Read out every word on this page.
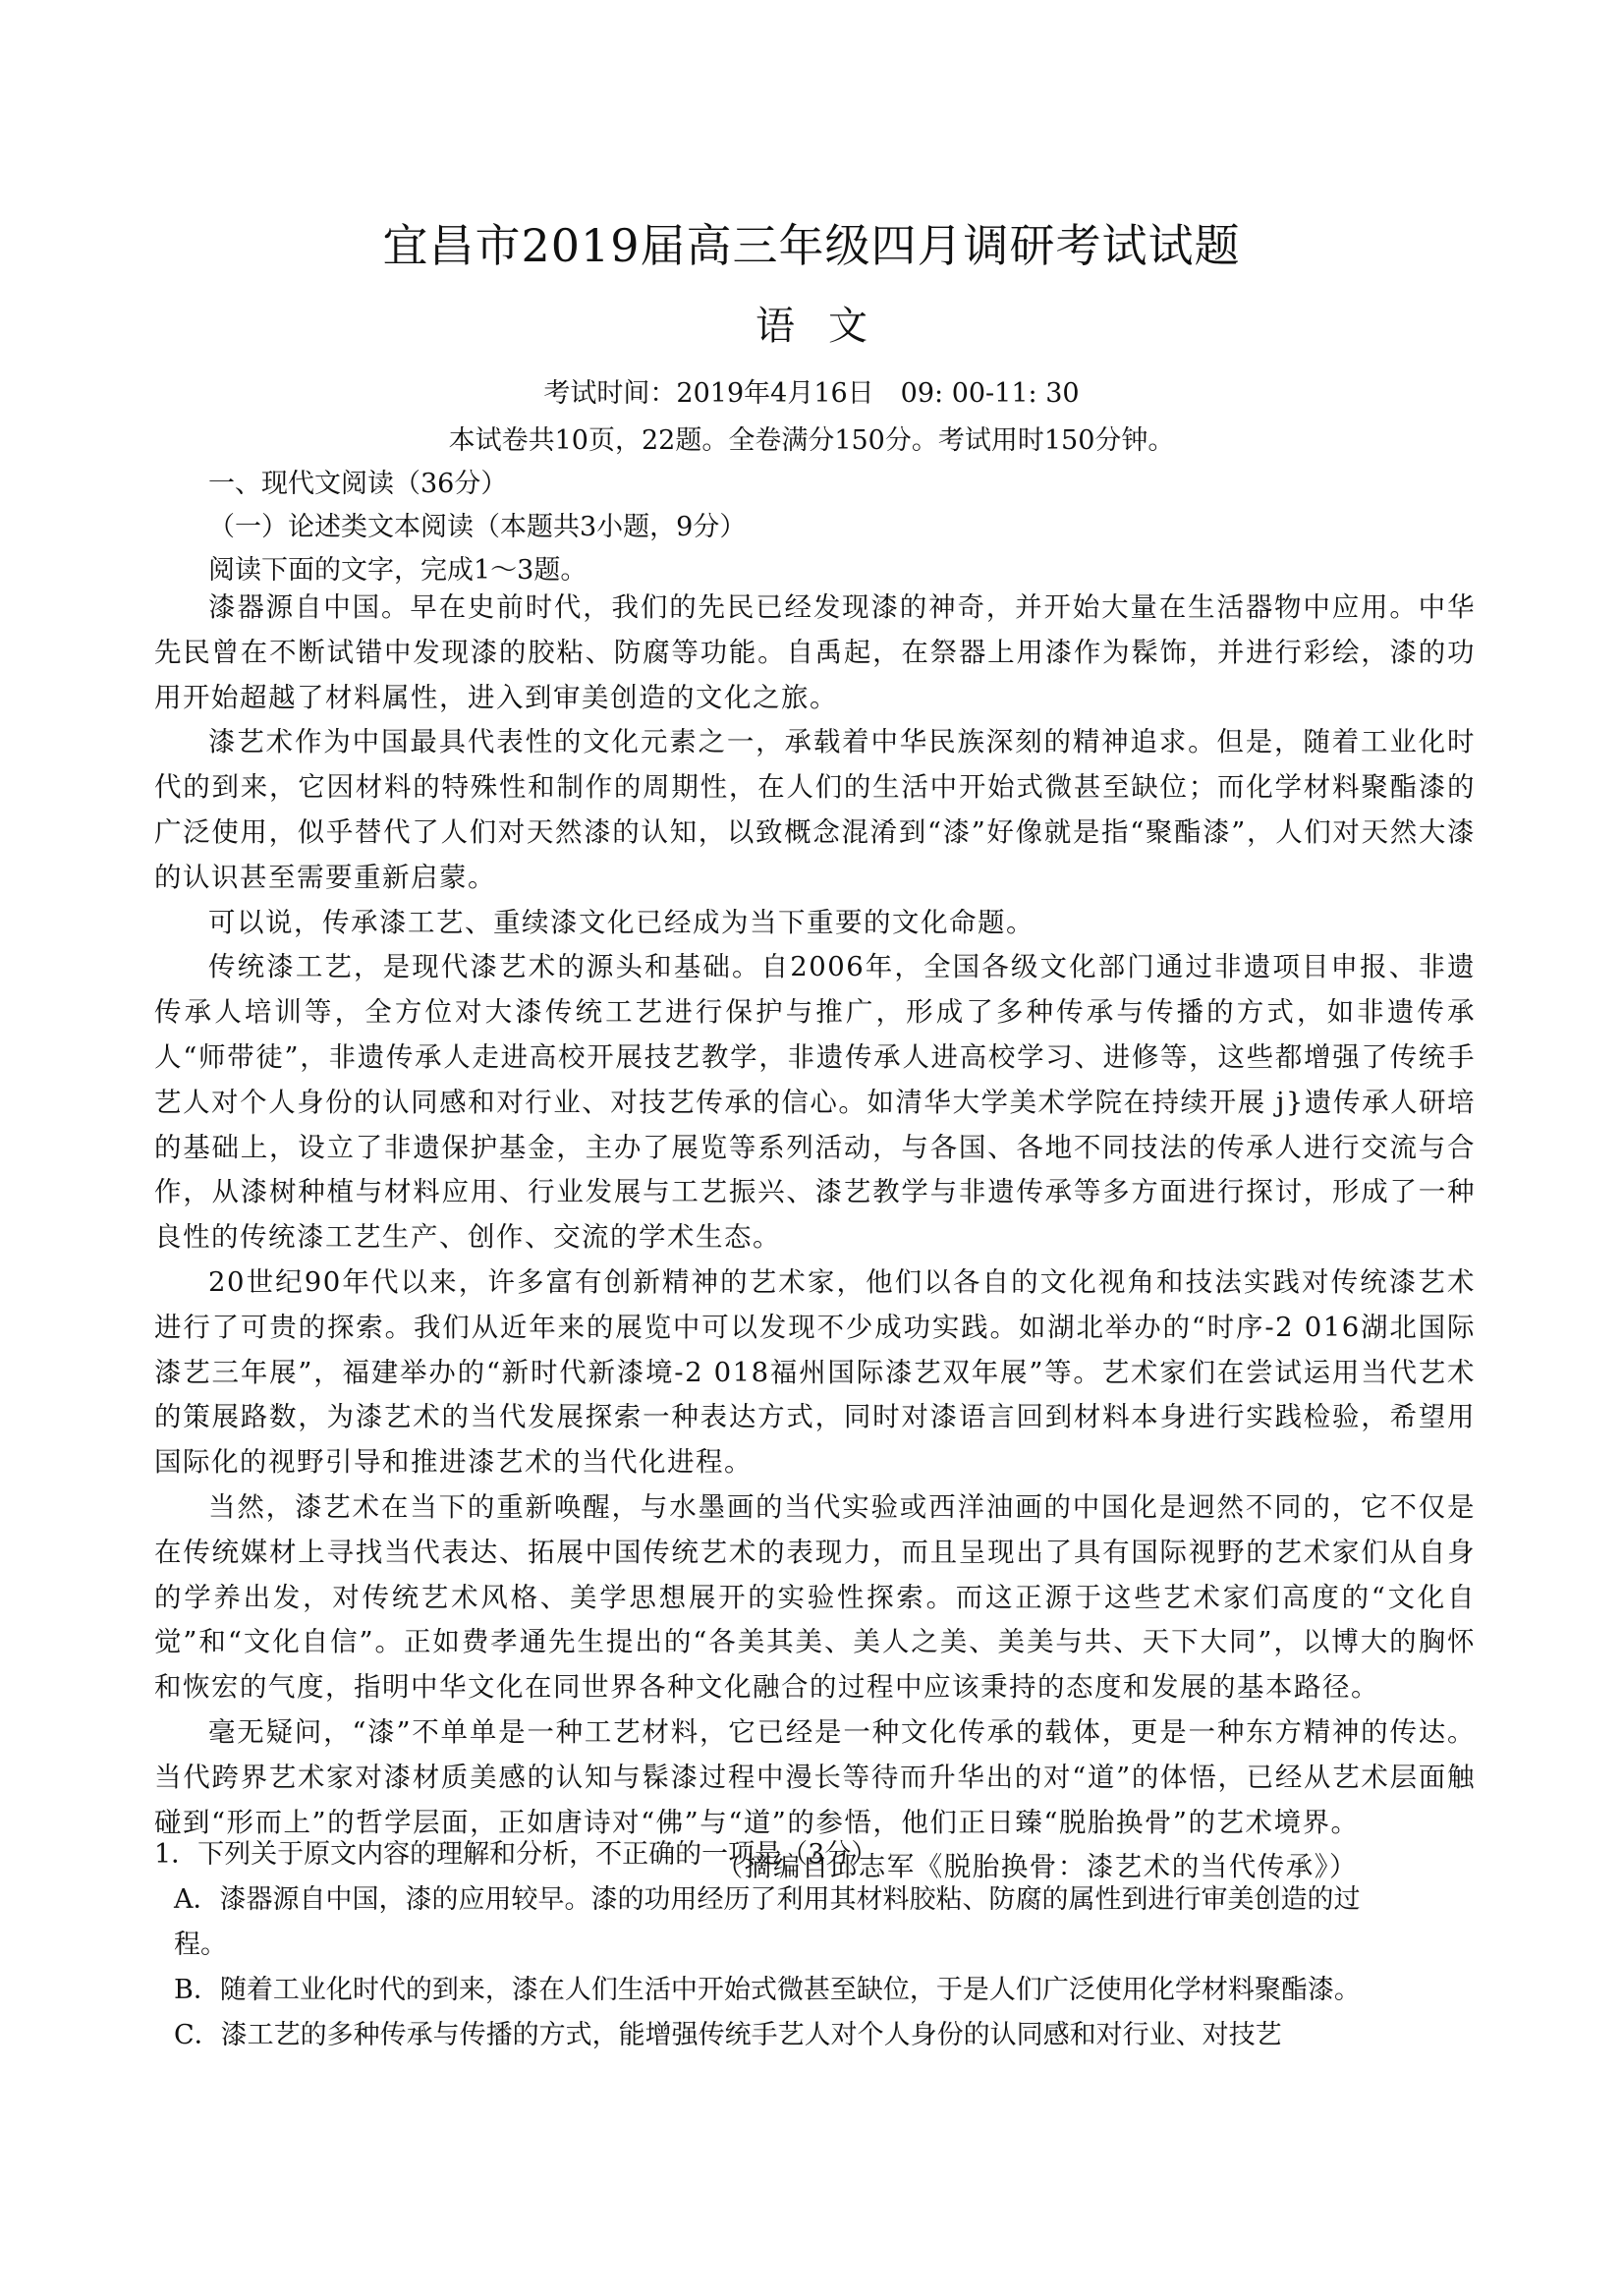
宜昌市2019届高三年级四月调研考试试题
语文
考试时间：2019年4月16日　09: 00-11: 30
本试卷共10页，22题。全卷满分150分。考试用时150分钟。
一、现代文阅读（36分）
（一）论述类文本阅读（本题共3小题，9分）
阅读下面的文字，完成1～3题。

漆器源自中国。早在史前时代，我们的先民已经发现漆的神奇，并开始大量在生活器物中应用。中华先民曾在不断试错中发现漆的胶粘、防腐等功能。自禹起，在祭器上用漆作为髹饰，并进行彩绘，漆的功用开始超越了材料属性，进入到审美创造的文化之旅。

漆艺术作为中国最具代表性的文化元素之一，承载着中华民族深刻的精神追求。但是，随着工业化时代的到来，它因材料的特殊性和制作的周期性，在人们的生活中开始式微甚至缺位；而化学材料聚酯漆的广泛使用，似乎替代了人们对天然漆的认知，以致概念混淆到“漆”好像就是指“聚酯漆”，人们对天然大漆的认识甚至需要重新启蒙。

可以说，传承漆工艺、重续漆文化已经成为当下重要的文化命题。

传统漆工艺，是现代漆艺术的源头和基础。自2006年，全国各级文化部门通过非遗项目申报、非遗传承人培训等，全方位对大漆传统工艺进行保护与推广，形成了多种传承与传播的方式，如非遗传承人“师带徒”，非遗传承人走进高校开展技艺教学，非遗传承人进高校学习、进修等，这些都增强了传统手艺人对个人身份的认同感和对行业、对技艺传承的信心。如清华大学美术学院在持续开展 j}遗传承人研培的基础上，设立了非遗保护基金，主办了展览等系列活动，与各国、各地不同技法的传承人进行交流与合作，从漆树种植与材料应用、行业发展与工艺振兴、漆艺教学与非遗传承等多方面进行探讨，形成了一种良性的传统漆工艺生产、创作、交流的学术生态。

20世纪90年代以来，许多富有创新精神的艺术家，他们以各自的文化视角和技法实践对传统漆艺术进行了可贵的探索。我们从近年来的展览中可以发现不少成功实践。如湖北举办的“时序-2 016湖北国际漆艺三年展”，福建举办的“新时代新漆境-2 018福州国际漆艺双年展”等。艺术家们在尝试运用当代艺术的策展路数，为漆艺术的当代发展探索一种表达方式，同时对漆语言回到材料本身进行实践检验，希望用国际化的视野引导和推进漆艺术的当代化进程。

当然，漆艺术在当下的重新唤醒，与水墨画的当代实验或西洋油画的中国化是迥然不同的，它不仅是在传统媒材上寻找当代表达、拓展中国传统艺术的表现力，而且呈现出了具有国际视野的艺术家们从自身的学养出发，对传统艺术风格、美学思想展开的实验性探索。而这正源于这些艺术家们高度的“文化自觉”和“文化自信”。正如费孝通先生提出的“各美其美、美人之美、美美与共、天下大同”，以博大的胸怀和恢宏的气度，指明中华文化在同世界各种文化融合的过程中应该秉持的态度和发展的基本路径。

毫无疑问，“漆”不单单是一种工艺材料，它已经是一种文化传承的载体，更是一种东方精神的传达。当代跨界艺术家对漆材质美感的认知与髹漆过程中漫长等待而升华出的对“道”的体悟，已经从艺术层面触碰到“形而上”的哲学层面，正如唐诗对“佛”与“道”的参悟，他们正日臻“脱胎换骨”的艺术境界。

（摘编自邱志军《脱胎换骨：漆艺术的当代传承》）

1．下列关于原文内容的理解和分析，不正确的一项是（3分）

A．漆器源自中国，漆的应用较早。漆的功用经历了利用其材料胶粘、防腐的属性到进行审美创造的过程。

B．随着工业化时代的到来，漆在人们生活中开始式微甚至缺位，于是人们广泛使用化学材料聚酯漆。

C．漆工艺的多种传承与传播的方式，能增强传统手艺人对个人身份的认同感和对行业、对技艺
